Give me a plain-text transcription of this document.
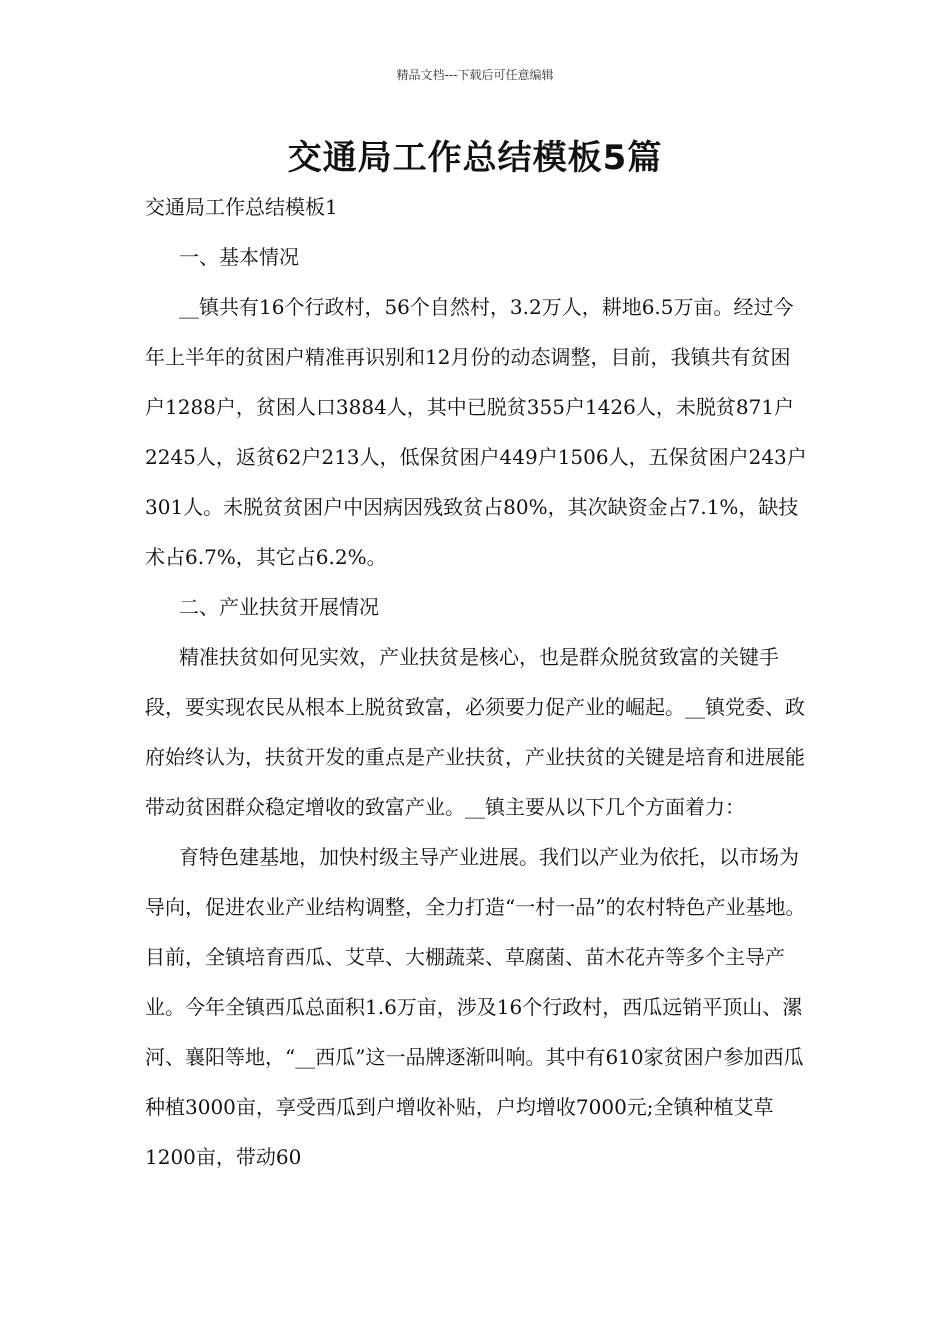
精品文档---下载后可任意编辑
交通局工作总结模板5篇

交通局工作总结模板1

一、基本情况

__镇共有16个行政村，56个自然村，3.2万人，耕地6.5万亩。经过今年上半年的贫困户精准再识别和12月份的动态调整，目前，我镇共有贫困户1288户，贫困人口3884人，其中已脱贫355户1426人，未脱贫871户2245人，返贫62户213人，低保贫困户449户1506人，五保贫困户243户301人。未脱贫贫困户中因病因残致贫占80%，其次缺资金占7.1%，缺技术占6.7%，其它占6.2%。

二、产业扶贫开展情况

精准扶贫如何见实效，产业扶贫是核心，也是群众脱贫致富的关键手段，要实现农民从根本上脱贫致富，必须要力促产业的崛起。__镇党委、政府始终认为，扶贫开发的重点是产业扶贫，产业扶贫的关键是培育和进展能带动贫困群众稳定增收的致富产业。__镇主要从以下几个方面着力：

育特色建基地，加快村级主导产业进展。我们以产业为依托，以市场为导向，促进农业产业结构调整，全力打造“一村一品”的农村特色产业基地。目前，全镇培育西瓜、艾草、大棚蔬菜、草腐菌、苗木花卉等多个主导产业。今年全镇西瓜总面积1.6万亩，涉及16个行政村，西瓜远销平顶山、漯河、襄阳等地，“__西瓜”这一品牌逐渐叫响。其中有610家贫困户参加西瓜种植3000亩，享受西瓜到户增收补贴，户均增收7000元;全镇种植艾草1200亩，带动60
